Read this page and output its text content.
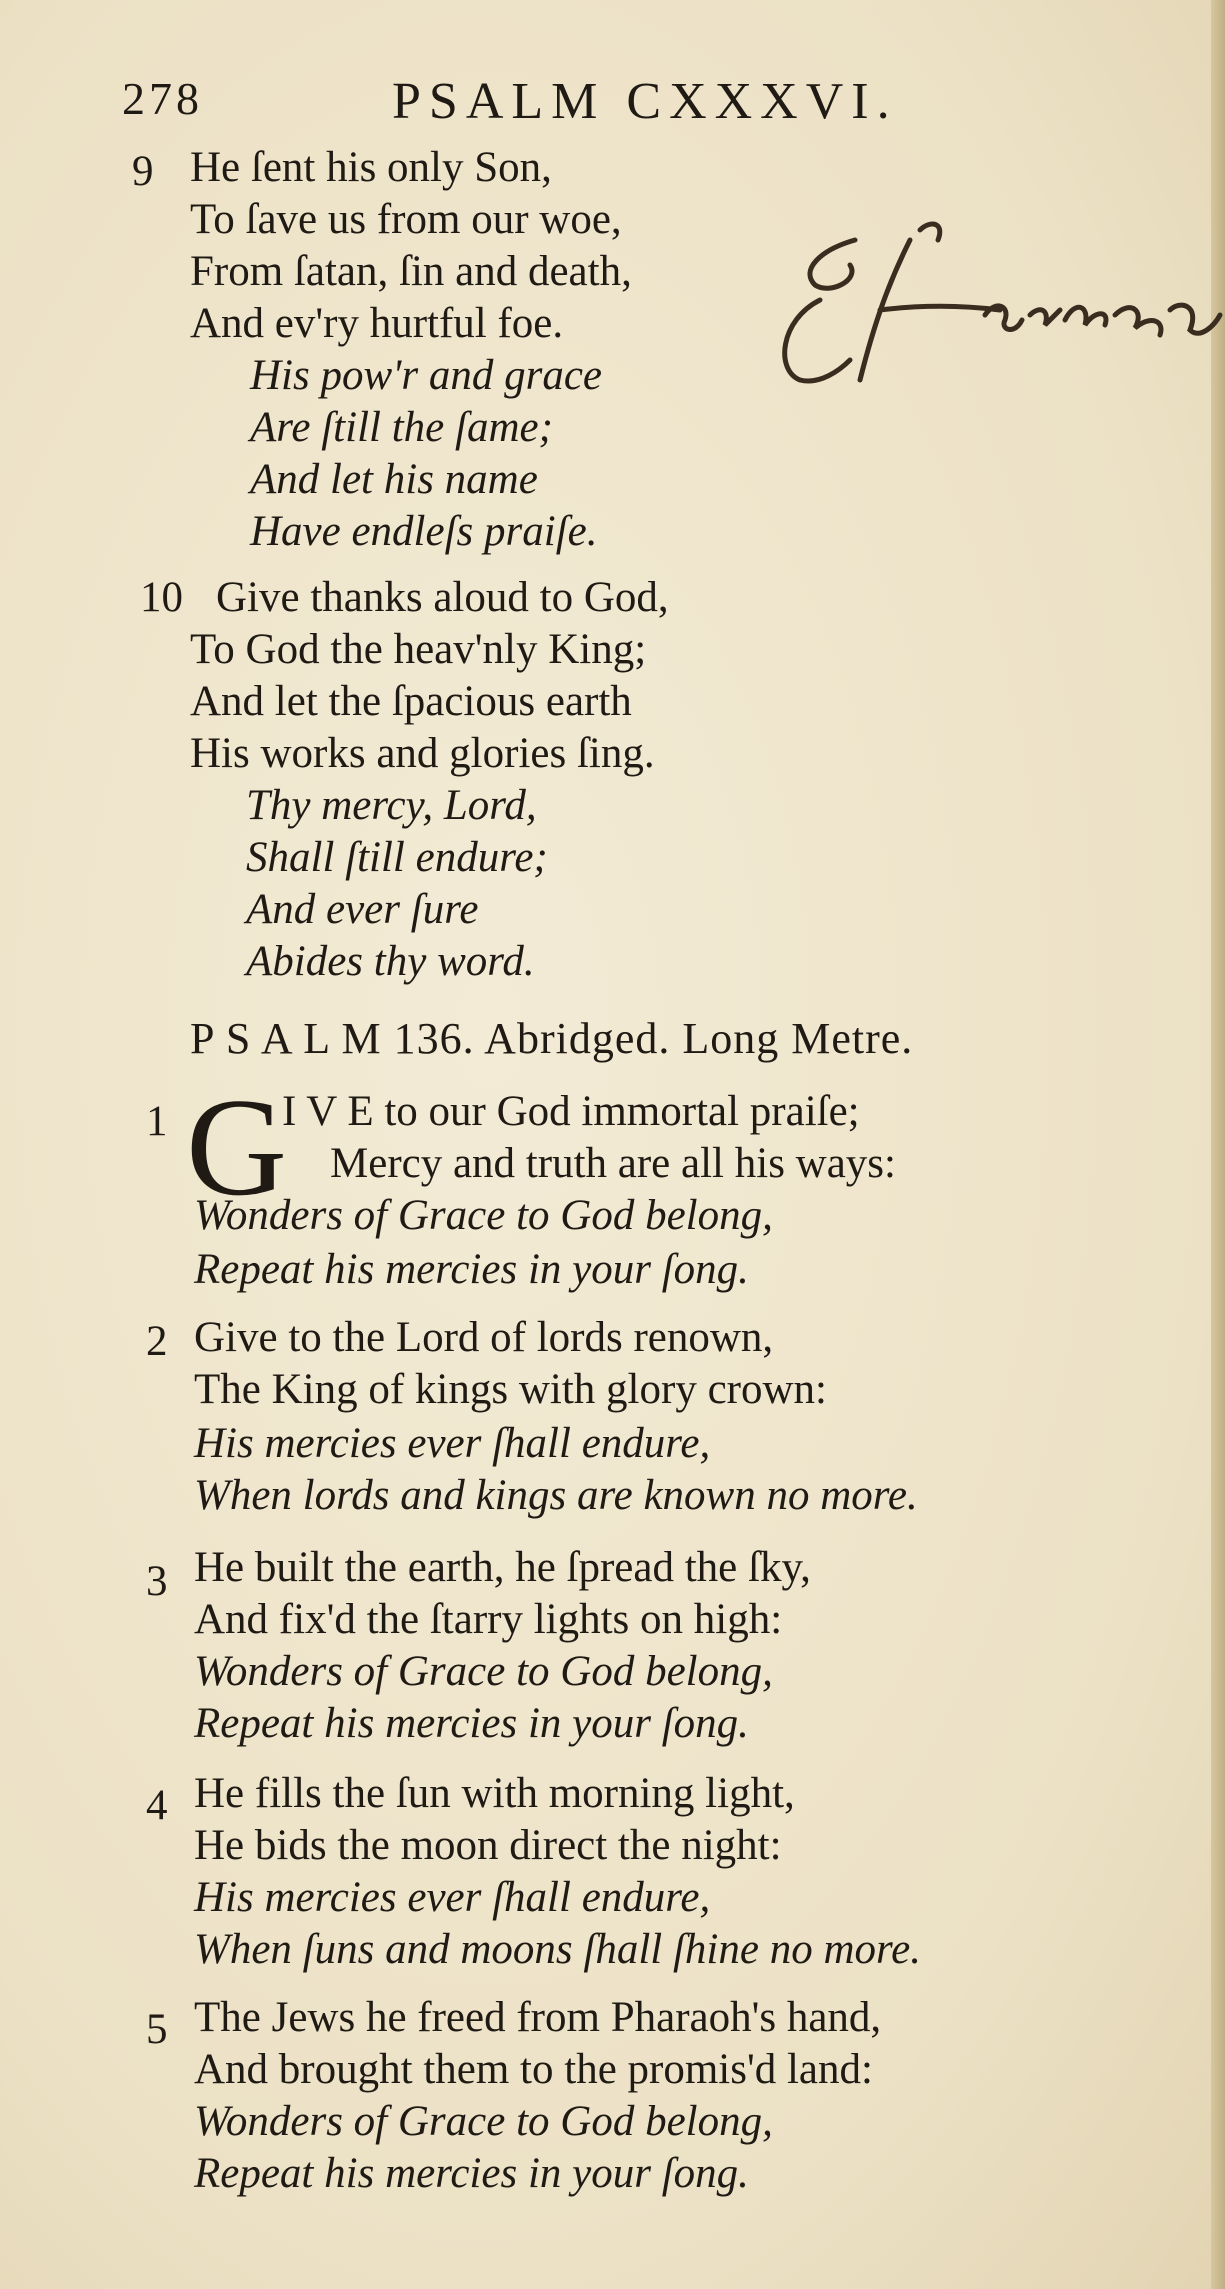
278	PSALM CXXXVI.
9 He ſent his only Son,
To ſave us from our woe,
From ſatan, ſin and death,
And ev'ry hurtful foe.
His pow'r and grace
Are ſtill the ſame;
And let his name
Have endleſs praiſe.
10 Give thanks aloud to God,
To God the heav'nly King;
And let the ſpacious earth
His works and glories ſing.
Thy mercy, Lord,
Shall ſtill endure;
And ever ſure
Abides thy word.
P S A L M 136. Abridged. Long Metre.
1 G
I V E to our God immortal praiſe;
Mercy and truth are all his ways:
Wonders of Grace to God belong,
Repeat his mercies in your ſong.
2 Give to the Lord of lords renown,
The King of kings with glory crown:
His mercies ever ſhall endure,
When lords and kings are known no more.
3 He built the earth, he ſpread the ſky,
And fix'd the ſtarry lights on high:
Wonders of Grace to God belong,
Repeat his mercies in your ſong.
4 He fills the ſun with morning light,
He bids the moon direct the night:
His mercies ever ſhall endure,
When ſuns and moons ſhall ſhine no more.
5 The Jews he freed from Pharaoh's hand,
And brought them to the promis'd land:
Wonders of Grace to God belong,
Repeat his mercies in your ſong.
